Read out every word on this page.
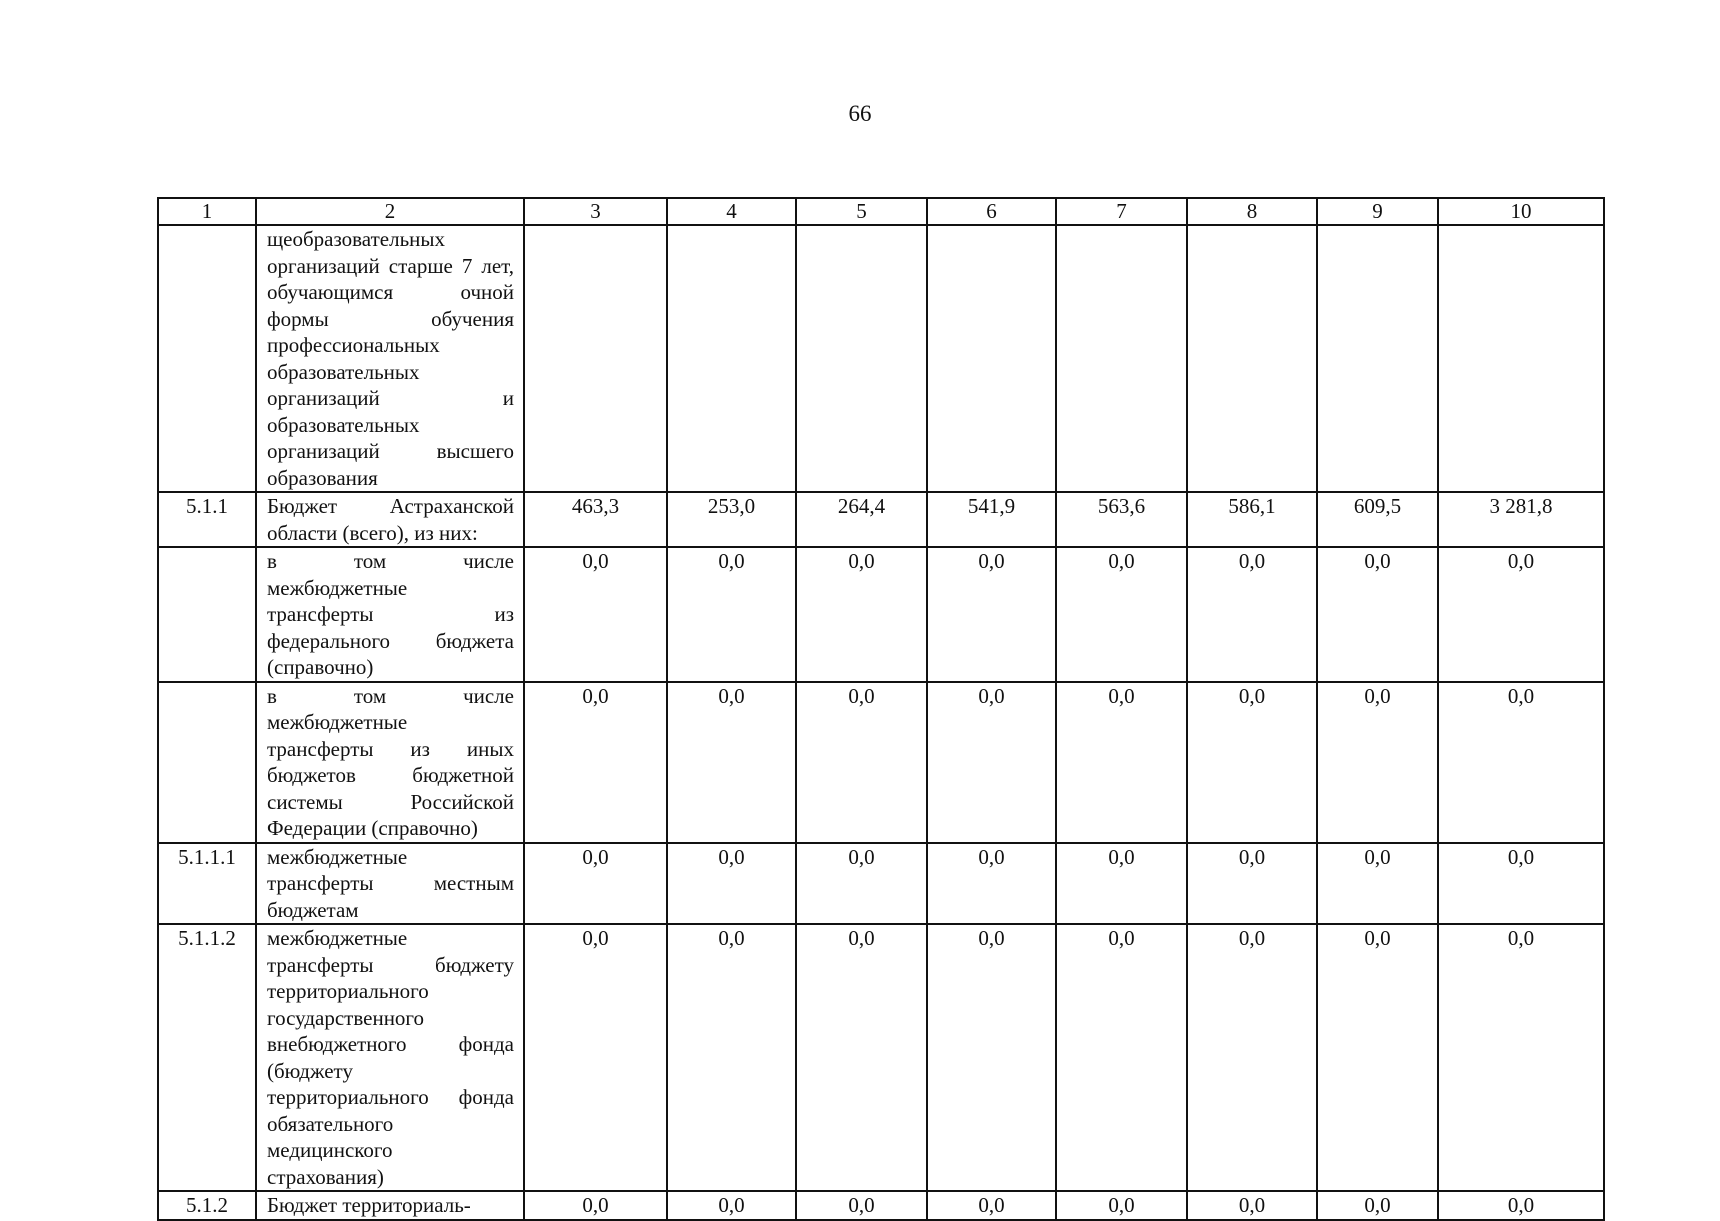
66
1	2	3	4	5	6	7	8	9	10
	щеобразовательных организаций старше 7 лет, обучающимся очной формы обучения профессиональных образовательных организаций и образовательных организаций высшего образования								
5.1.1	Бюджет Астраханской области (всего), из них:	463,3	253,0	264,4	541,9	563,6	586,1	609,5	3 281,8
	в том числе межбюджетные трансферты из федерального бюджета (справочно)	0,0	0,0	0,0	0,0	0,0	0,0	0,0	0,0
	в том числе межбюджетные трансферты из иных бюджетов бюджетной системы Российской Федерации (справочно)	0,0	0,0	0,0	0,0	0,0	0,0	0,0	0,0
5.1.1.1	межбюджетные трансферты местным бюджетам	0,0	0,0	0,0	0,0	0,0	0,0	0,0	0,0
5.1.1.2	межбюджетные трансферты бюджету территориального государственного внебюджетного фонда (бюджету территориального фонда обязательного медицинского страхования)	0,0	0,0	0,0	0,0	0,0	0,0	0,0	0,0
5.1.2	Бюджет территориаль-	0,0	0,0	0,0	0,0	0,0	0,0	0,0	0,0
